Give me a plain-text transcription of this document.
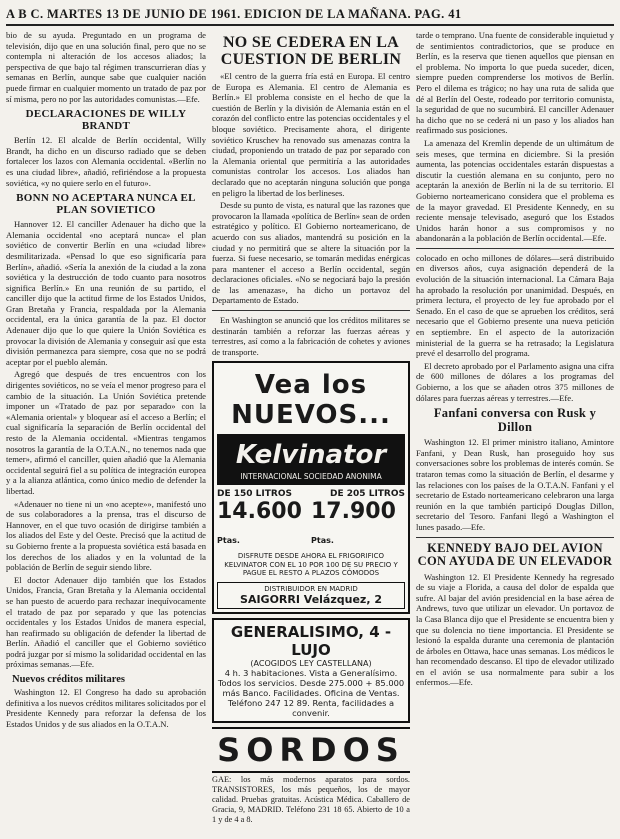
A B C. MARTES 13 DE JUNIO DE 1961. EDICION DE LA MAÑANA. PAG. 41

bio de su ayuda. Preguntado en un programa de televisión, dijo que en una solución final, pero que no se contempla ni alteración de los accesos aliados; la perspectiva de que bajo tal régimen transcurrieran días y semanas en Berlín, aunque sabe que cualquier nación puede firmar en cualquier momento un tratado de paz por sí misma, pero no por las autoridades comunistas.—Efe.

DECLARACIONES DE WILLY BRANDT

Berlín 12. El alcalde de Berlín occidental, Willy Brandt, ha dicho en un discurso radiado que se deben fortalecer los lazos con Alemania occidental. «Berlín no es una ciudad libre», añadió, refiriéndose a la propuesta soviética, «y no quiere serlo en el futuro».

BONN NO ACEPTARA NUNCA EL PLAN SOVIETICO

Hannover 12. El canciller Adenauer ha dicho que la Alemania occidental «no aceptará nunca» el plan soviético de convertir Berlín en una «ciudad libre» desmilitarizada. «Pensad lo que eso significaría para Berlín», añadió. «Sería la anexión de la ciudad a la zona soviética y la destrucción de todo cuanto para nosotros significa Berlín.» En una reunión de su partido, el canciller dijo que la actitud firme de los Estados Unidos, Gran Bretaña y Francia, respaldada por la Alemania occidental, era la única garantía de la paz. El doctor Adenauer dijo que lo que quiere la Unión Soviética es provocar la división de Alemania y conseguir así que esta división permanezca para siempre, cosa que no se podrá aceptar por el pueblo alemán.

Agregó que después de tres encuentros con los dirigentes soviéticos, no se veía el menor progreso para el cambio de la situación. La Unión Soviética pretende imponer un «Tratado de paz por separado» con la «Alemania oriental» y bloquear así el acceso a Berlín; el cual significaría la separación de Berlín occidental del resto de la Alemania occidental. «Mientras tengamos nosotros la garantía de la O.T.A.N., no tenemos nada que temer», afirmó el canciller, quien añadió que la Alemania occidental seguirá fiel a su política de integración europea y a la alianza atlántica, como único medio de defender la libertad.

«Adenauer no tiene ni un «no acepte»», manifestó uno de sus colaboradores a la prensa, tras el discurso de Hannover, en el que tuvo ocasión de dirigirse también a los aliados del Este y del Oeste. Precisó que la actitud de su Gobierno frente a la propuesta soviética está basada en los derechos de los aliados y en la voluntad de la población de Berlín de seguir siendo libre.

El doctor Adenauer dijo también que los Estados Unidos, Francia, Gran Bretaña y la Alemania occidental se han puesto de acuerdo para rechazar inequívocamente el tratado de paz por separado y que las potencias occidentales y los Estados Unidos de manera especial, han reafirmado su obligación de defender la libertad de Berlín. Añadió el canciller que el Gobierno soviético podrá juzgar por sí mismo la solidaridad occidental en las próximas semanas.—Efe.

Nuevos créditos militares

Washington 12. El Congreso ha dado su aprobación definitiva a los nuevos créditos militares solicitados por el Presidente Kennedy para reforzar la defensa de los Estados Unidos y de sus aliados en la O.T.A.N.

NO SE CEDERA EN LA CUESTION DE BERLIN

«El centro de la guerra fría está en Europa. El centro de Europa es Alemania. El centro de Alemania es Berlín.» El problema consiste en el hecho de que la cuestión de Berlín y la división de Alemania están en el corazón del conflicto entre las potencias occidentales y el bloque soviético. Precisamente ahora, el dirigente soviético Kruschev ha renovado sus amenazas contra la ciudad, proponiendo un tratado de paz por separado con la Alemania oriental que permitiría a las autoridades comunistas controlar los accesos. Los aliados han declarado que no aceptarán ninguna solución que ponga en peligro la libertad de los berlineses.

Desde su punto de vista, es natural que las razones que provocaron la llamada «política de Berlín» sean de orden estratégico y político. El Gobierno norteamericano, de acuerdo con sus aliados, mantendrá su posición en la ciudad y no permitirá que se altere la situación por la fuerza. Si fuese necesario, se tomarán medidas enérgicas para mantener el acceso a Berlín occidental, según declaraciones oficiales. «No se negociará bajo la presión de las amenazas», ha dicho un portavoz del Departamento de Estado.

En Washington se anunció que los créditos militares se destinarán también a reforzar las fuerzas aéreas y terrestres, así como a la fabricación de cohetes y aviones de transporte.

Vea los NUEVOS...
Kelvinator
INTERNACIONAL SOCIEDAD ANONIMA
DE 150 LITROS	DE 205 LITROS
14.600 Ptas.
17.900 Ptas.
DISFRUTE DESDE AHORA EL FRIGORIFICO KELVINATOR CON EL 10 POR 100 DE SU PRECIO Y PAGUE EL RESTO A PLAZOS CÓMODOS
DISTRIBUIDOR EN MADRID
SAIGORRI Velázquez, 2
GENERALISIMO, 4 - LUJO
(ACOGIDOS LEY CASTELLANA)
4 h. 3 habitaciones. Vista a Generalísimo. Todos los servicios. Desde 275.000 + 85.000 más Banco. Facilidades. Oficina de Ventas. Teléfono 247 12 89. Renta, facilidades a convenir.
SORDOS
GAE: los más modernos aparatos para sordos. TRANSISTORES, los más pequeños, los de mayor calidad. Pruebas gratuitas. Acústica Médica. Caballero de Gracia, 9, MADRID. Teléfono 231 18 65. Abierto de 10 a 1 y de 4 a 8.

tarde o temprano. Una fuente de considerable inquietud y de sentimientos contradictorios, que se produce en Berlín, es la reserva que tienen aquellos que piensan en el problema. No importa lo que pueda suceder, dicen, siempre pueden comprenderse los motivos de Berlín. Pero el dilema es trágico; no hay una ruta de salida que dé al Berlín del Oeste, rodeado por territorio comunista, la seguridad de que no sucumbirá. El canciller Adenauer ha dicho que no se cederá ni un paso y los aliados han reafirmado sus posiciones.

La amenaza del Kremlin depende de un ultimátum de seis meses, que termina en diciembre. Si la presión aumenta, las potencias occidentales estarán dispuestas a discutir la cuestión alemana en su conjunto, pero no aceptarán la anexión de Berlín ni la de su territorio. El Gobierno norteamericano considera que el problema es de la mayor gravedad. El Presidente Kennedy, en su reciente mensaje televisado, aseguró que los Estados Unidos harán honor a sus compromisos y no abandonarán a la población de Berlín occidental.—Efe.

colocado en ocho millones de dólares—será distribuido en diversos años, cuya asignación dependerá de la evolución de la situación internacional. La Cámara Baja ha aprobado la resolución por unanimidad. Después, en primera lectura, el proyecto de ley fue aprobado por el Senado. En el caso de que se aprueben los créditos, será necesario que el Gobierno presente una nueva petición en septiembre. En el aspecto de la autorización ministerial de la guerra se ha retrasado; la Legislatura prevé el desarrollo del programa.

El decreto aprobado por el Parlamento asigna una cifra de 600 millones de dólares a los programas del Gobierno, a los que se añaden otros 375 millones de dólares para fuerzas aéreas y terrestres.—Efe.

Fanfani conversa con Rusk y Dillon

Washington 12. El primer ministro italiano, Amintore Fanfani, y Dean Rusk, han proseguido hoy sus conversaciones sobre los problemas de interés común. Se trataron temas como la situación de Berlín, el desarme y las relaciones con los países de la O.T.A.N. Fanfani y el secretario de Estado norteamericano celebraron una larga reunión en la que también participó Douglas Dillon, secretario del Tesoro. Fanfani llegó a Washington el lunes pasado.—Efe.

KENNEDY BAJO DEL AVION CON AYUDA DE UN ELEVADOR

Washington 12. El Presidente Kennedy ha regresado de su viaje a Florida, a causa del dolor de espalda que sufre. Al bajar del avión presidencial en la base aérea de Andrews, tuvo que utilizar un elevador. Un portavoz de la Casa Blanca dijo que el Presidente se encuentra bien y que su dolencia no tiene importancia. El Presidente se lesionó la espalda durante una ceremonia de plantación de árboles en Ottawa, hace unas semanas. Los médicos le han recomendado descanso. El tipo de elevador utilizado en el avión se usa normalmente para subir a los enfermos.—Efe.
